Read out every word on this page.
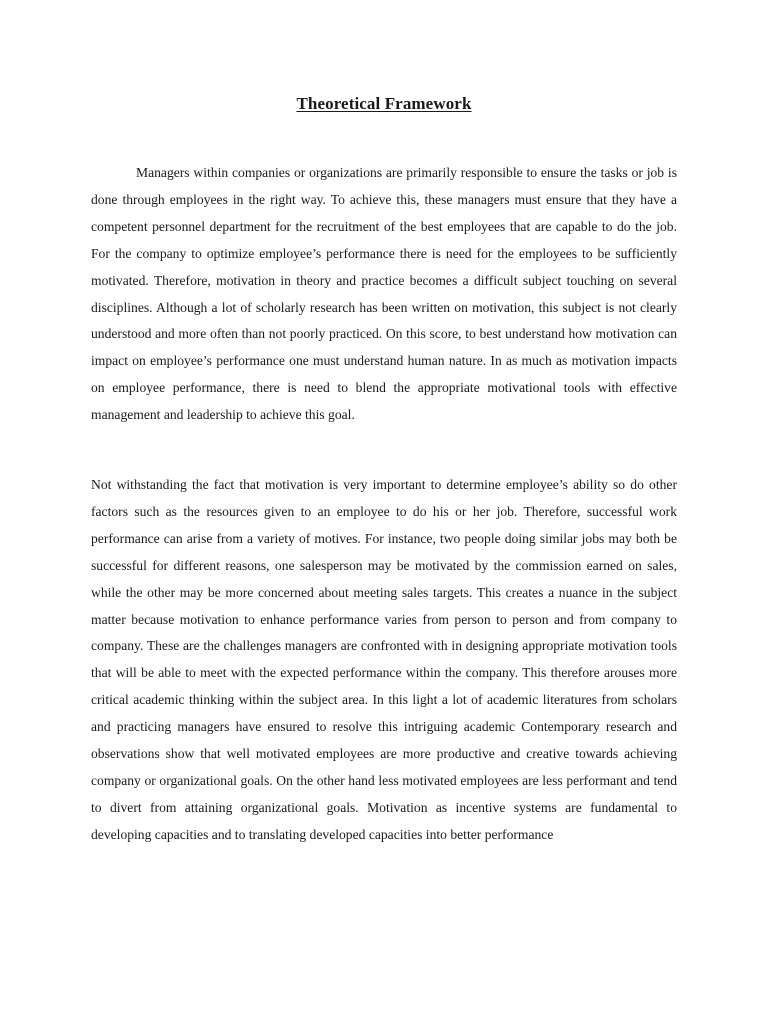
Theoretical Framework

Managers within companies or organizations are primarily responsible to ensure the tasks or job is done through employees in the right way. To achieve this, these managers must ensure that they have a competent personnel department for the recruitment of the best employees that are capable to do the job. For the company to optimize employee’s performance there is need for the employees to be sufficiently motivated. Therefore, motivation in theory and practice becomes a difficult subject touching on several disciplines. Although a lot of scholarly research has been written on motivation, this subject is not clearly understood and more often than not poorly practiced. On this score, to best understand how motivation can impact on employee’s performance one must understand human nature. In as much as motivation impacts on employee performance, there is need to blend the appropriate motivational tools with effective management and leadership to achieve this goal.

Not withstanding the fact that motivation is very important to determine employee’s ability so do other factors such as the resources given to an employee to do his or her job. Therefore, successful work performance can arise from a variety of motives. For instance, two people doing similar jobs may both be successful for different reasons, one salesperson may be motivated by the commission earned on sales, while the other may be more concerned about meeting sales targets. This creates a nuance in the subject matter because motivation to enhance performance varies from person to person and from company to company. These are the challenges managers are confronted with in designing appropriate motivation tools that will be able to meet with the expected performance within the company. This therefore arouses more critical academic thinking within the subject area. In this light a lot of academic literatures from scholars and practicing managers have ensured to resolve this intriguing academic Contemporary research and observations show that well motivated employees are more productive and creative towards achieving company or organizational goals. On the other hand less motivated employees are less performant and tend to divert from attaining organizational goals. Motivation as incentive systems are fundamental to developing capacities and to translating developed capacities into better performance
